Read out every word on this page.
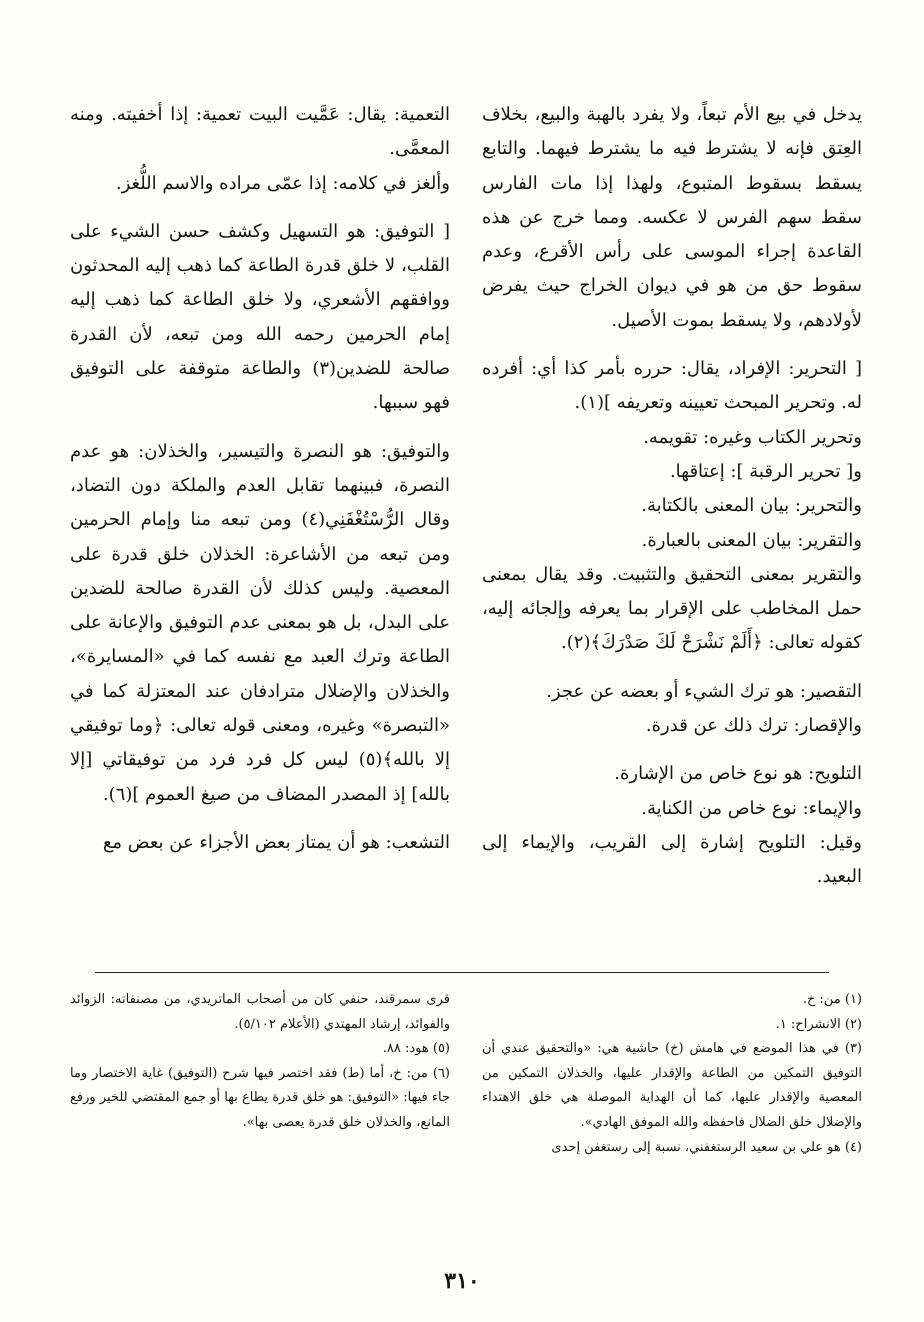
يدخل في بيع الأم تبعاً، ولا يفرد بالهبة والبيع، بخلاف العِتق فإنه لا يشترط فيه ما يشترط فيهما. والتابع يسقط بسقوط المتبوع، ولهذا إذا مات الفارس سقط سهم الفرس لا عكسه. ومما خرج عن هذه القاعدة إجراء الموسى على رأس الأقرع، وعدم سقوط حق من هو في ديوان الخراج حيث يفرض لأولادهم، ولا يسقط بموت الأصيل.

[ التحرير: الإفراد، يقال: حرره بأمر كذا أي: أفرده له. وتحرير المبحث تعيينه وتعريفه ](١).

وتحرير الكتاب وغيره: تقويمه.

و[ تحرير الرقبة ]: إعتاقها.

والتحرير: بيان المعنى بالكتابة.

والتقرير: بيان المعنى بالعبارة.

والتقرير بمعنى التحقيق والتثبيت. وقد يقال بمعنى حمل المخاطب على الإقرار بما يعرفه وإلجائه إليه، كقوله تعالى: ﴿أَلَمْ نَشْرَحْ لَكَ صَدْرَكَ﴾(٢).

التقصير: هو ترك الشيء أو بعضه عن عجز.

والإقصار: ترك ذلك عن قدرة.

التلويح: هو نوع خاص من الإشارة.

والإيماء: نوع خاص من الكناية.

وقيل: التلويح إشارة إلى القريب، والإيماء إلى البعيد.

التعمية: يقال: عَمَّيت البيت تعمية: إذا أخفيته. ومنه المعمَّى.

وألغز في كلامه: إذا عمّى مراده والاسم اللُّغز.

[ التوفيق: هو التسهيل وكشف حسن الشيء على القلب، لا خلق قدرة الطاعة كما ذهب إليه المحدثون ووافقهم الأشعري، ولا خلق الطاعة كما ذهب إليه إمام الحرمين رحمه الله ومن تبعه، لأن القدرة صالحة للضدين(٣) والطاعة متوقفة على التوفيق فهو سببها.

والتوفيق: هو النصرة والتيسير، والخذلان: هو عدم النصرة، فبينهما تقابل العدم والملكة دون التضاد، وقال الرُّسْتُغْفَنِي(٤) ومن تبعه منا وإمام الحرمين ومن تبعه من الأشاعرة: الخذلان خلق قدرة على المعصية. وليس كذلك لأن القدرة صالحة للضدين على البدل، بل هو بمعنى عدم التوفيق والإعانة على الطاعة وترك العبد مع نفسه كما في «المسايرة»، والخذلان والإضلال مترادفان عند المعتزلة كما في «التبصرة» وغيره، ومعنى قوله تعالى: ﴿وما توفيقي إلا بالله﴾(٥) ليس كل فرد فرد من توفيقاتي [إلا بالله] إذ المصدر المضاف من صيغ العموم ](٦).

التشعب: هو أن يمتاز بعض الأجزاء عن بعض مع

(١) من: خ.

(٢) الانشراح: ١.

(٣) في هذا الموضع في هامش (خ) حاشية هي: «والتحقيق عندي أن التوفيق التمكين من الطاعة والإقدار عليها، والخذلان التمكين من المعصية والإقدار عليها، كما أن الهداية الموصلة هي خلق الاهتداء والإضلال خلق الضلال فاحفظه والله الموفق الهادي».

(٤) هو علي بن سعيد الرستغفني، نسبة إلى رستغفن إحدى

قرى سمرقند، حنفي كان من أصحاب الماتريدي، من مصنفاته: الزوائد والفوائد، إرشاد المهتدي (الأعلام ٥/١٠٢).

(٥) هود: ٨٨.

(٦) من: خ، أما (ط) فقد اختصر فيها شرح (التوفيق) غاية الاختصار وما جاء فيها: «التوفيق: هو خلق قدرة يطاع بها أو جمع المقتضي للخير ورفع المانع، والخذلان خلق قدرة يعصى بها».

٣١٠
